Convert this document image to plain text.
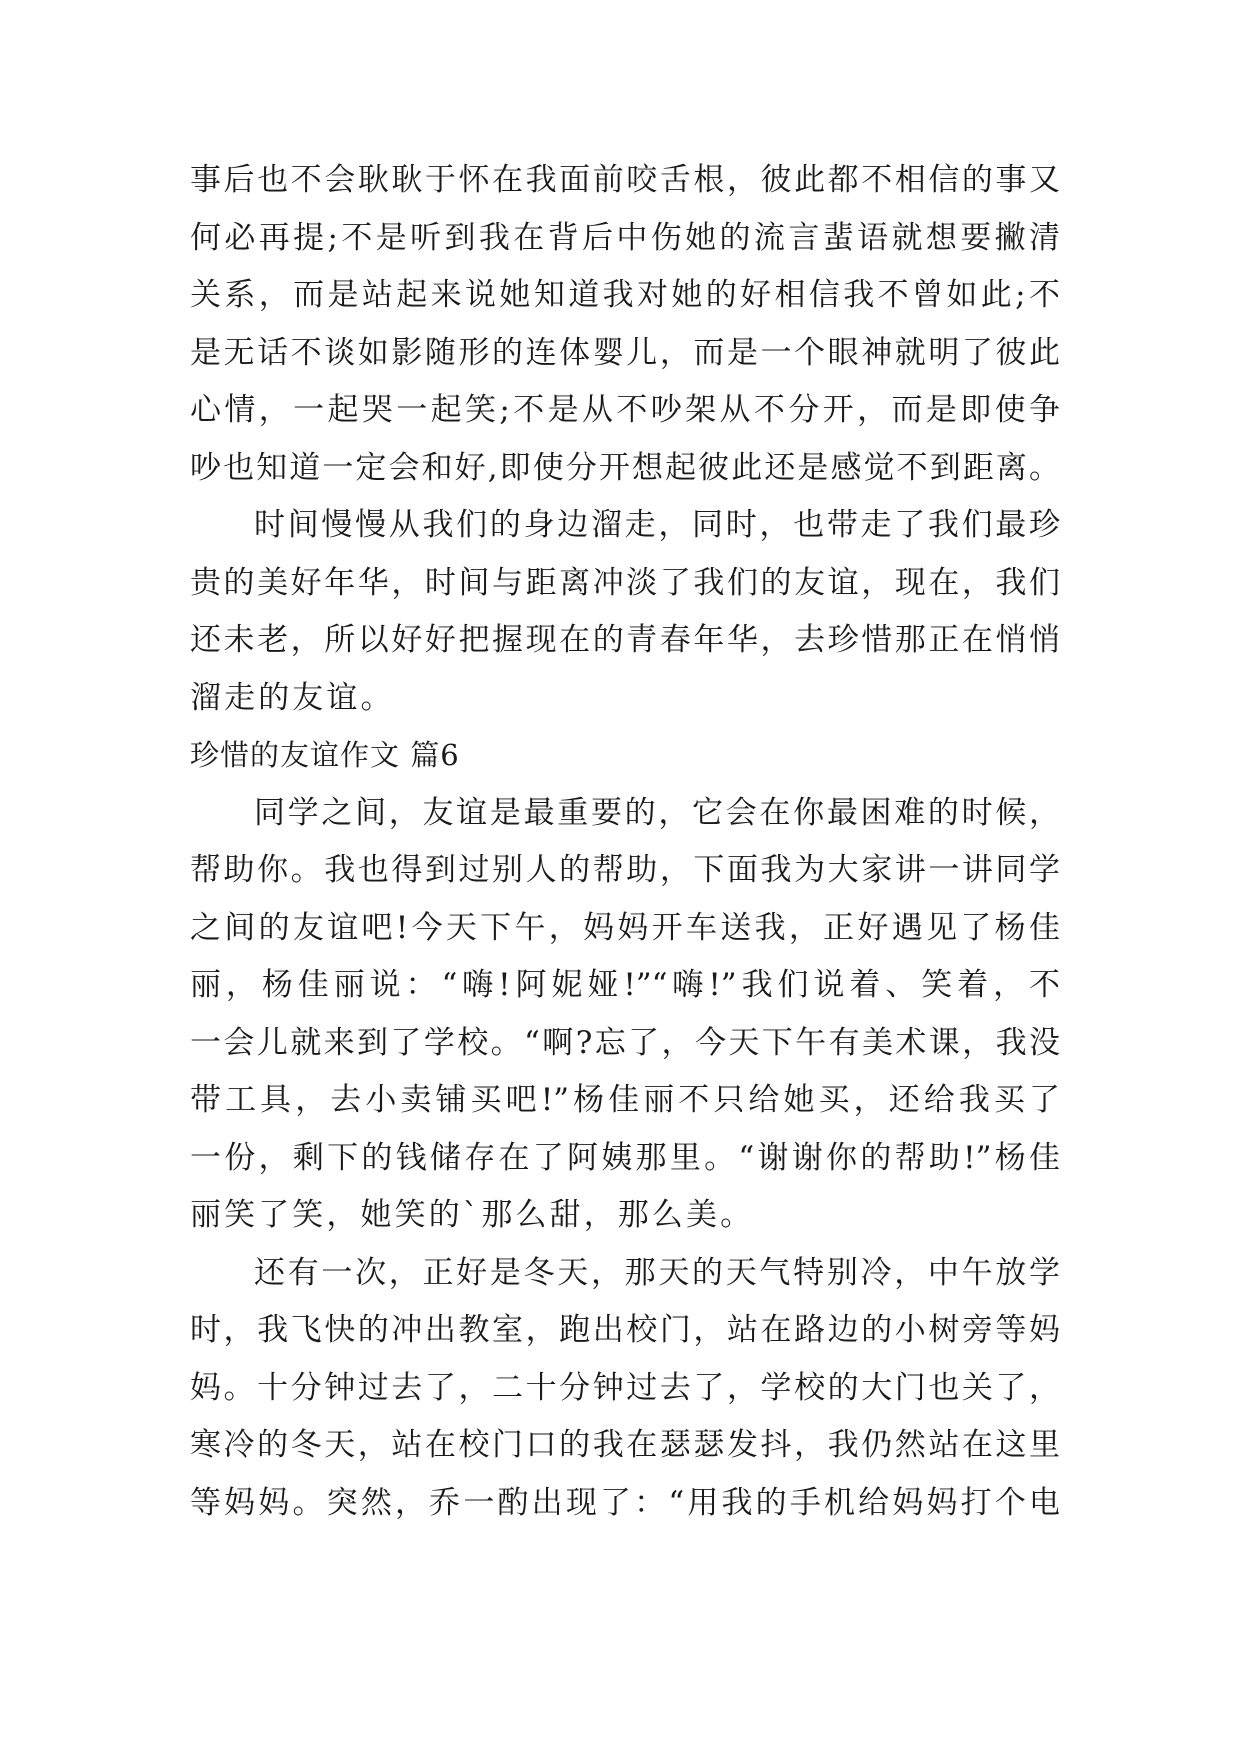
事后也不会耿耿于怀在我面前咬舌根，彼此都不相信的事又
何必再提;不是听到我在背后中伤她的流言蜚语就想要撇清
关系，而是站起来说她知道我对她的好相信我不曾如此;不
是无话不谈如影随形的连体婴儿，而是一个眼神就明了彼此
心情，一起哭一起笑;不是从不吵架从不分开，而是即使争
吵也知道一定会和好,即使分开想起彼此还是感觉不到距离。
时间慢慢从我们的身边溜走，同时，也带走了我们最珍
贵的美好年华，时间与距离冲淡了我们的友谊，现在，我们
还未老，所以好好把握现在的青春年华，去珍惜那正在悄悄
溜走的友谊。
珍惜的友谊作文 篇6
同学之间，友谊是最重要的，它会在你最困难的时候，
帮助你。我也得到过别人的帮助，下面我为大家讲一讲同学
之间的友谊吧!今天下午，妈妈开车送我，正好遇见了杨佳
丽，杨佳丽说：“嗨!阿妮娅!”“嗨!”我们说着、笑着，不
一会儿就来到了学校。“啊?忘了，今天下午有美术课，我没
带工具，去小卖铺买吧!”杨佳丽不只给她买，还给我买了
一份，剩下的钱储存在了阿姨那里。“谢谢你的帮助!”杨佳
丽笑了笑，她笑的`那么甜，那么美。
还有一次，正好是冬天，那天的天气特别冷，中午放学
时，我飞快的冲出教室，跑出校门，站在路边的小树旁等妈
妈。十分钟过去了，二十分钟过去了，学校的大门也关了，
寒冷的冬天，站在校门口的我在瑟瑟发抖，我仍然站在这里
等妈妈。突然，乔一酌出现了：“用我的手机给妈妈打个电
